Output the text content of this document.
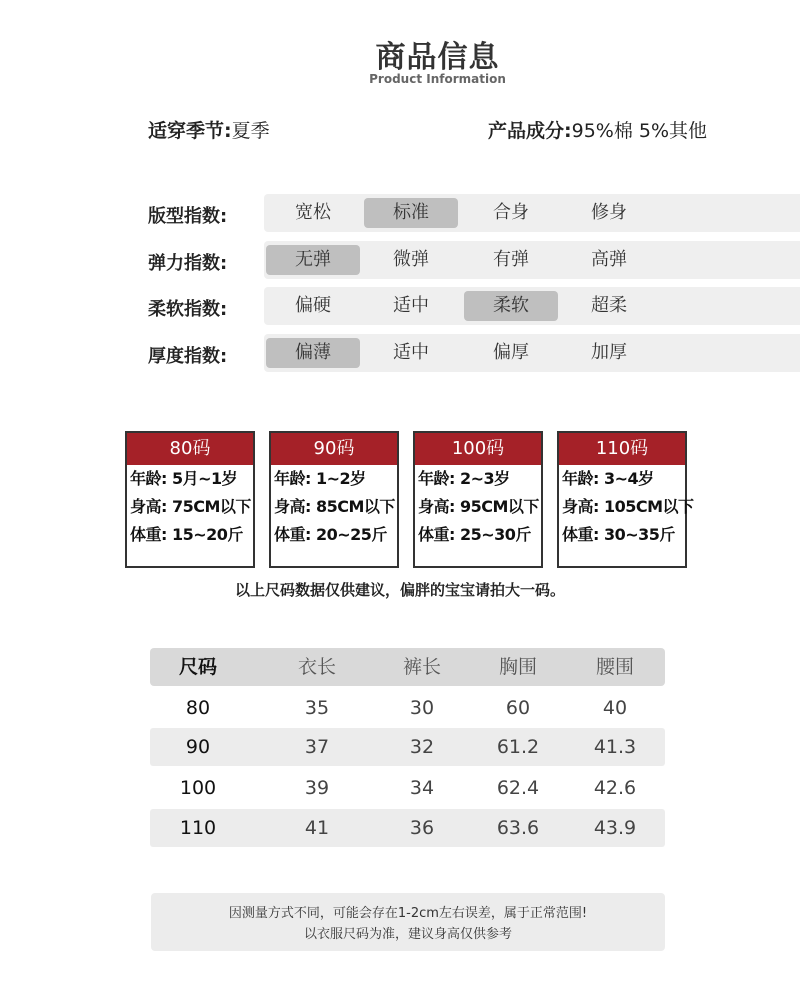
商品信息
Product Information
适穿季节:夏季	产品成分:95%棉 5%其他
版型指数:	宽松	标准	合身	修身
弹力指数:	无弹	微弹	有弹	高弹
柔软指数:	偏硬	适中	柔软	超柔
厚度指数:	偏薄	适中	偏厚	加厚
80码
年龄: 5月~1岁
身高: 75CM以下
体重: 15~20斤
90码
年龄: 1~2岁
身高: 85CM以下
体重: 20~25斤
100码
年龄: 2~3岁
身高: 95CM以下
体重: 25~30斤
110码
年龄: 3~4岁
身高: 105CM以下
体重: 30~35斤
以上尺码数据仅供建议，偏胖的宝宝请拍大一码。
尺码	衣长	裤长	胸围	腰围
80	35	30	60	40
90	37	32	61.2	41.3
100	39	34	62.4	42.6
110	41	36	63.6	43.9
因测量方式不同，可能会存在1-2cm左右误差，属于正常范围!
以衣服尺码为准，建议身高仅供参考
